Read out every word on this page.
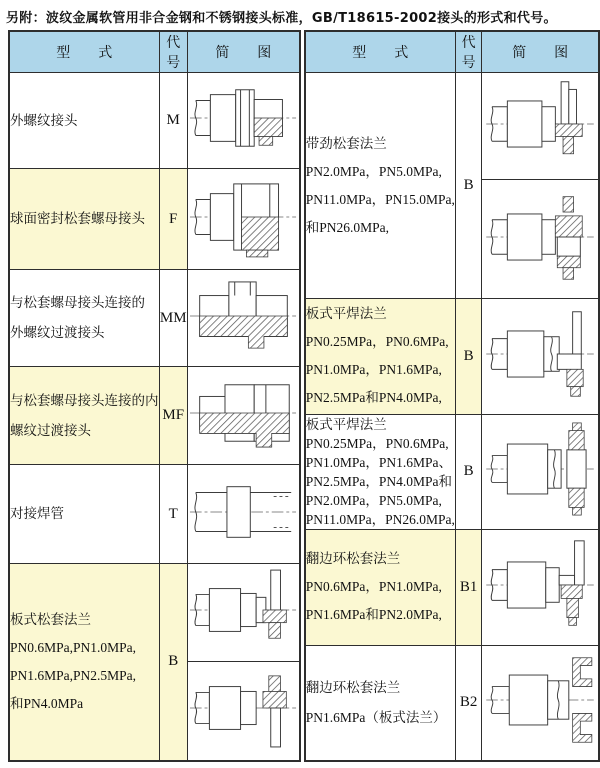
另附：波纹金属软管用非合金钢和不锈钢接头标准，GB/T18615-2002接头的形式和代号。
型　　式	代号	简　　图

外螺纹接头	M	

球面密封松套螺母接头	F	

与松套螺母接头连接的
外螺纹过渡接头	MM	

与松套螺母接头连接的内
螺纹过渡接头	MF	

对接焊管	T	

板式松套法兰
PN0.6MPa,PN1.0MPa,
PN1.6MPa,PN2.5MPa,
和PN4.0MPa	B	

型　　式	代号	简　　图

带劲松套法兰
PN2.0MPa，PN5.0MPa,
PN11.0MPa，PN15.0MPa,
和PN26.0MPa,	B	

板式平焊法兰
PN0.25MPa，PN0.6MPa,
PN1.0MPa，PN1.6MPa,
PN2.5MPa和PN4.0MPa,	B	

板式平焊法兰
PN0.25MPa，PN0.6MPa,
PN1.0MPa，PN1.6MPa、
PN2.5MPa，PN4.0MPa和
PN2.0MPa，PN5.0MPa,
PN11.0MPa，PN26.0MPa,
	B	

翻边环松套法兰
PN0.6MPa，PN1.0MPa,
PN1.6MPa和PN2.0MPa,	B1	

翻边环松套法兰
PN1.6MPa（板式法兰）	B2	
